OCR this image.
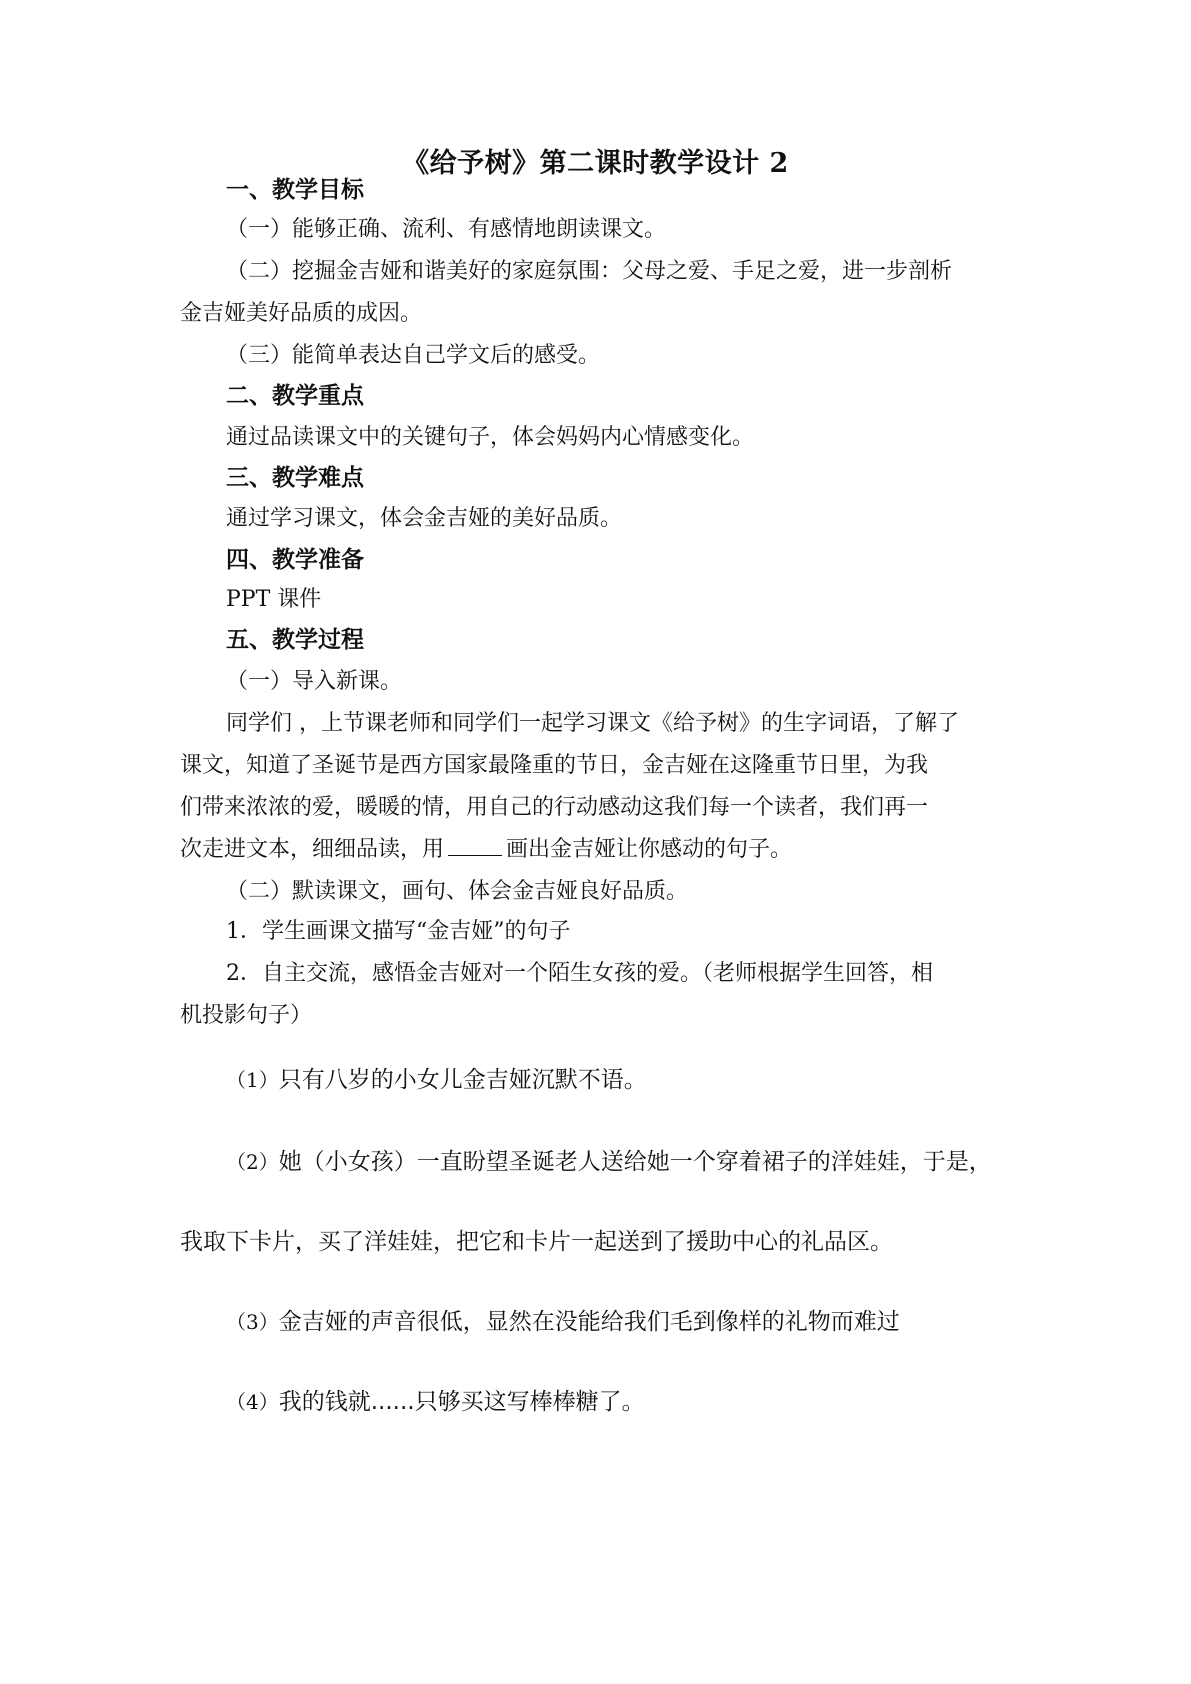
《给予树》第二课时教学设计 2
一、教学目标
（一）能够正确、流利、有感情地朗读课文。
（二）挖掘金吉娅和谐美好的家庭氛围：父母之爱、手足之爱，进一步剖析
金吉娅美好品质的成因。
（三）能简单表达自己学文后的感受。
二、教学重点
通过品读课文中的关键句子，体会妈妈内心情感变化。
三、教学难点
通过学习课文，体会金吉娅的美好品质。
四、教学准备
PPT 课件
五、教学过程
（一）导入新课。
同学们 ，上节课老师和同学们一起学习课文《给予树》的生字词语，了解了
课文，知道了圣诞节是西方国家最隆重的节日，金吉娅在这隆重节日里，为我
们带来浓浓的爱，暖暖的情，用自己的行动感动这我们每一个读者，我们再一
次走进文本，细细品读，用	画出金吉娅让你感动的句子。
（二）默读课文，画句、体会金吉娅良好品质。
1．学生画课文描写“金吉娅”的句子
2．自主交流，感悟金吉娅对一个陌生女孩的爱。（老师根据学生回答，相
机投影句子）
（1）只有八岁的小女儿金吉娅沉默不语。
（2）她（小女孩）一直盼望圣诞老人送给她一个穿着裙子的洋娃娃，于是，
我取下卡片，买了洋娃娃，把它和卡片一起送到了援助中心的礼品区。
（3）金吉娅的声音很低，显然在没能给我们毛到像样的礼物而难过
（4）我的钱就......只够买这写棒棒糖了。
